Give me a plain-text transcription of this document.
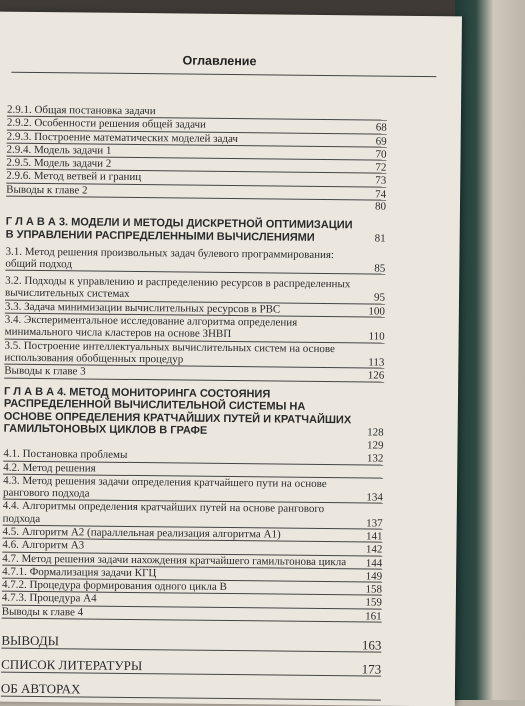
Оглавление
2.9.1. Общая постановка задачи
2.9.2. Особенности решения общей задачи	68
2.9.3. Построение математических моделей задач	69
2.9.4. Модель задачи 1	70
2.9.5. Модель задачи 2	72
2.9.6. Метод ветвей и границ	73
Выводы к главе 2	74
80
Г Л А В А 3. МОДЕЛИ И МЕТОДЫ ДИСКРЕТНОЙ ОПТИМИЗАЦИИ В УПРАВЛЕНИИ РАСПРЕДЕЛЕННЫМИ ВЫЧИСЛЕНИЯМИ	81
3.1. Метод решения произвольных задач булевого программирования: общий подход	85
3.2. Подходы к управлению и распределению ресурсов в распределенных вычислительных системах	95
3.3. Задача минимизации вычислительных ресурсов в РВС	100
3.4. Экспериментальное исследование алгоритма определения минимального числа кластеров на основе ЗНВП	110
3.5. Построение интеллектуальных вычислительных систем на основе использования обобщенных процедур	113
Выводы к главе 3	126
Г Л А В А 4. МЕТОД МОНИТОРИНГА СОСТОЯНИЯ РАСПРЕДЕЛЕННОЙ ВЫЧИСЛИТЕЛЬНОЙ СИСТЕМЫ НА ОСНОВЕ ОПРЕДЕЛЕНИЯ КРАТЧАЙШИХ ПУТЕЙ И КРАТЧАЙШИХ ГАМИЛЬТОНОВЫХ ЦИКЛОВ В ГРАФЕ	128
129
4.1. Постановка проблемы	132
4.2. Метод решения
4.3. Метод решения задачи определения кратчайшего пути на основе рангового подхода	134
4.4. Алгоритмы определения кратчайших путей на основе рангового подхода	137
4.5. Алгоритм А2 (параллельная реализация алгоритма А1)	141
4.6. Алгоритм А3	142
4.7. Метод решения задачи нахождения кратчайшего гамильтонова цикла	144
4.7.1. Формализация задачи КГЦ	149
4.7.2. Процедура формирования одного цикла B	158
4.7.3. Процедура А4	159
Выводы к главе 4	161
ВЫВОДЫ	163
СПИСОК ЛИТЕРАТУРЫ	173
ОБ АВТОРАХ
